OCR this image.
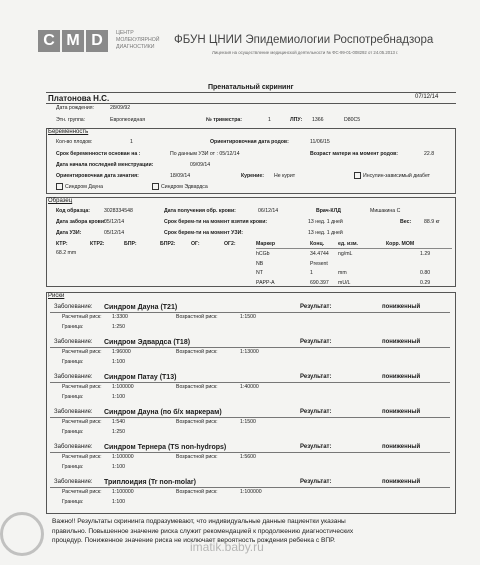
C M D	ЦЕНТР
МОЛЕКУЛЯРНОЙ
ДИАГНОСТИКИ
ФБУН ЦНИИ Эпидемиологии Роспотребнадзора
Лицензия на осуществление медицинской деятельности № ФС-99-01-008292 от 24.05.2013 г.
Пренатальный скрининг
Платонова Н.С.	07/12/14
Дата рождения:	28/09/92
Этн. группа:	Европеоидная	№ триместра:	1	ЛПУ: 1366	D80C5
Беременность
Кол-во плодов:	1	Ориентировочная дата родов:	11/06/15
Срок беременности основан на :	По данным УЗИ от : 05/12/14	Возраст матери на момент родов:	22.8
Дата начала последней менструации:	09/09/14
Ориентировочная дата зачатия:	18/09/14	Курение: Не курит	Инсулин-зависимый диабет
Синдром Дауна	Синдром Эдвардса
Образец
Код образца:	3028334548	Дата получения обр. крови:	06/12/14	Врач-КЛД	Мишакина С
Дата забора крови:
05/12/14	Срок берем-ти на момент взятия крови:	13 нед. 1 дней	Вес: 88.9 кг
Дата УЗИ:	05/12/14	Срок берем-ти на момент УЗИ:	13 нед. 1 дней
КТР:	КТР2:	БПР:	БПР2:	ОГ:	ОГ2:
68.2 mm
Маркер	Конц.	ед. изм.	Корр. МОМ
hCGb	34.4744 ng/mL	1.29
NB	Present
NT	1	mm	0.80
PAPP-A	690.397 mU/L	0.29
Риски
Заболевание: Синдром Дауна (T21)	Результат:	пониженный
Расчетный риск: 1:3300	Возрастной риск:	1:1500
Граница:	1:250
Заболевание: Синдром Эдвардса (T18)	Результат:	пониженный
Расчетный риск: 1:96000	Возрастной риск:	1:13000
Граница:	1:100
Заболевание: Синдром Патау (T13)	Результат:	пониженный
Расчетный риск: 1:100000	Возрастной риск:	1:40000
Граница:	1:100
Заболевание: Синдром Дауна (по б/х маркерам)	Результат:	пониженный
Расчетный риск: 1:540	Возрастной риск:	1:1500
Граница:	1:250
Заболевание: Синдром Тернера (TS non-hydrops)	Результат:	пониженный
Расчетный риск: 1:100000	Возрастной риск:	1:5600
Граница:	1:100
Заболевание: Триплоидия (Tr non-molar)	Результат:	пониженный
Расчетный риск: 1:100000	Возрастной риск:	1:100000
Граница:	1:100
Важно!! Результаты скрининга подразумевают, что индивидуальные данные пациентки указаны
правильно. Повышенное значение риска служит рекомендацией к продолжению диагностических
процедур. Пониженное значение риска не исключает вероятность рождения ребенка с ВПР.
imatik.baby.ru
